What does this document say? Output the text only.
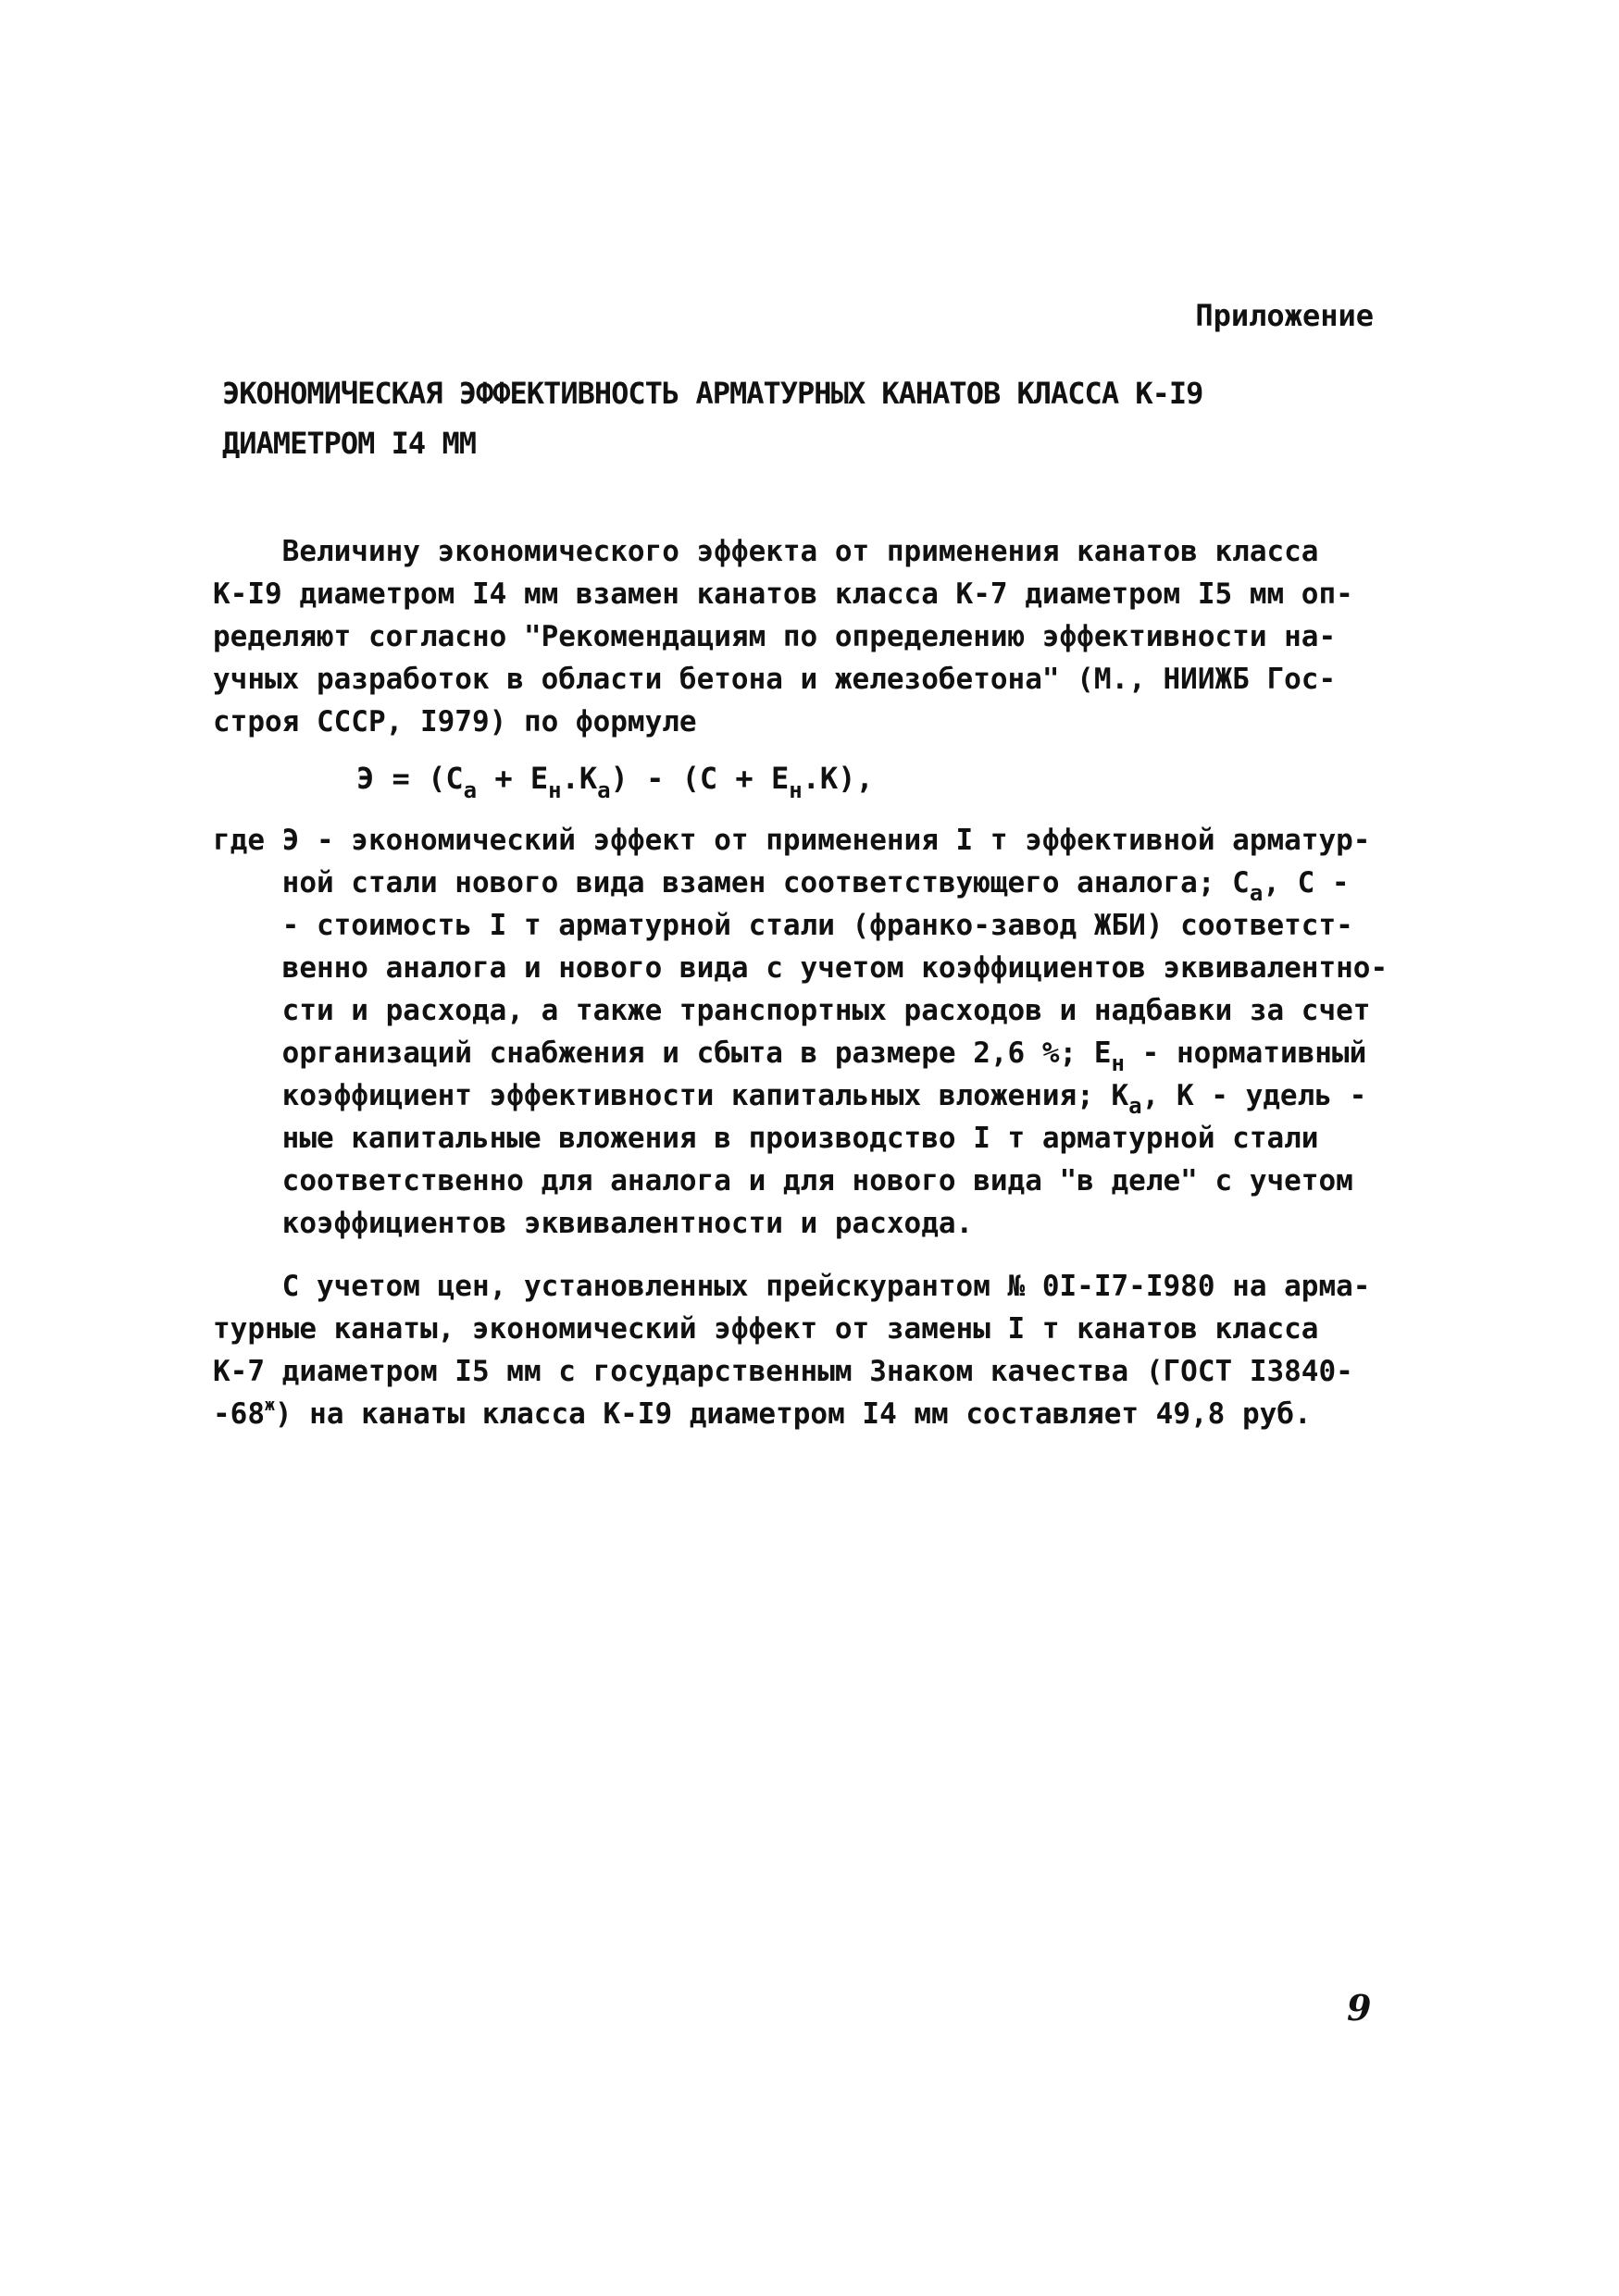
Приложение
ЭКОНОМИЧЕСКАЯ ЭФФЕКТИВНОСТЬ АРМАТУРНЫХ КАНАТОВ КЛАССА К-I9
ДИАМЕТРОМ I4 ММ
Величину экономического эффекта от применения канатов класса
К-I9 диаметром I4 мм взамен канатов класса К-7 диаметром I5 мм оп-
ределяют согласно "Рекомендациям по определению эффективности на-
учных разработок в области бетона и железобетона" (М., НИИЖБ Гос-
строя СССР, I979) по формуле
$Э = (С_а + Е_н.К_а) - (С + Е_н.К)$,
где Э - экономический эффект от применения I т эффективной арматур-
ной стали нового вида взамен соответствующего аналога; $С_а$, С -
- стоимость I т арматурной стали (франко-завод ЖБИ) соответст-
венно аналога и нового вида с учетом коэффициентов эквивалентно-
сти и расхода, а также транспортных расходов и надбавки за счет
организаций снабжения и сбыта в размере 2,6 %; $Е_н$ - нормативный
коэффициент эффективности капитальных вложения; $К_а$, К - удель -
ные капитальные вложения в производство I т арматурной стали
соответственно для аналога и для нового вида "в деле" с учетом
коэффициентов эквивалентности и расхода.
С учетом цен, установленных прейскурантом № 0I-I7-I980 на арма-
турные канаты, экономический эффект от замены I т канатов класса
К-7 диаметром I5 мм с государственным Знаком качества (ГОСТ I3840-
$-68^ж$) на канаты класса К-I9 диаметром I4 мм составляет 49,8 руб.
9
